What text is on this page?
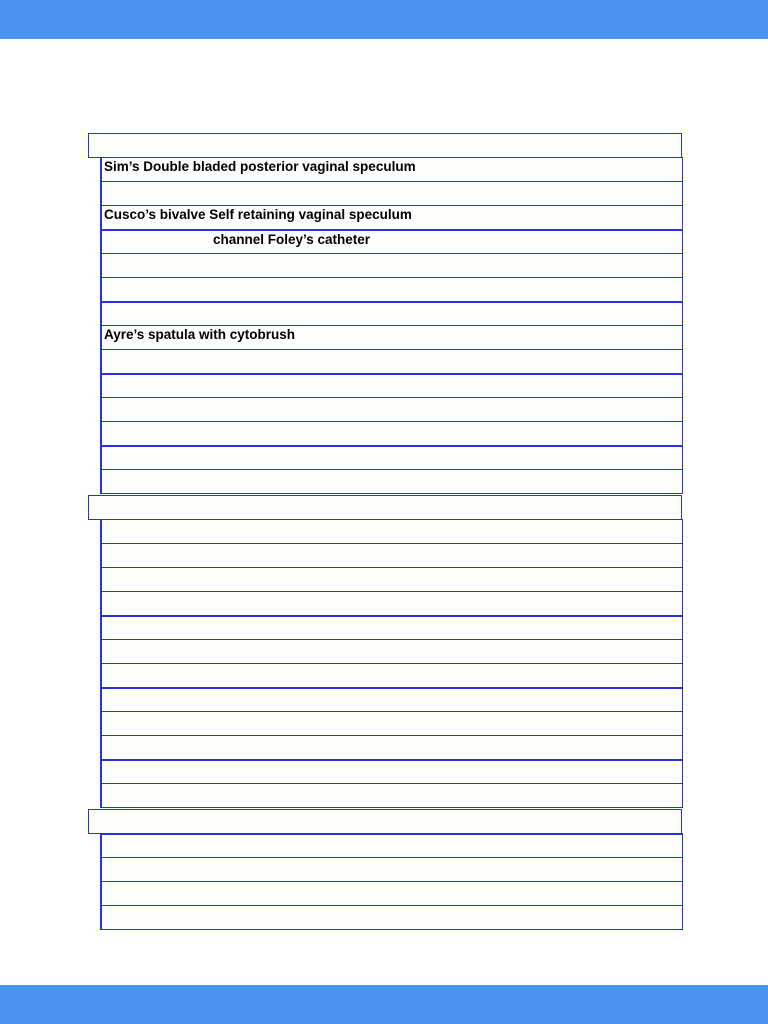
Sim’s Double bladed posterior vaginal speculum
Cusco’s bivalve Self retaining vaginal speculum
channel Foley’s catheter
Ayre’s spatula with cytobrush
